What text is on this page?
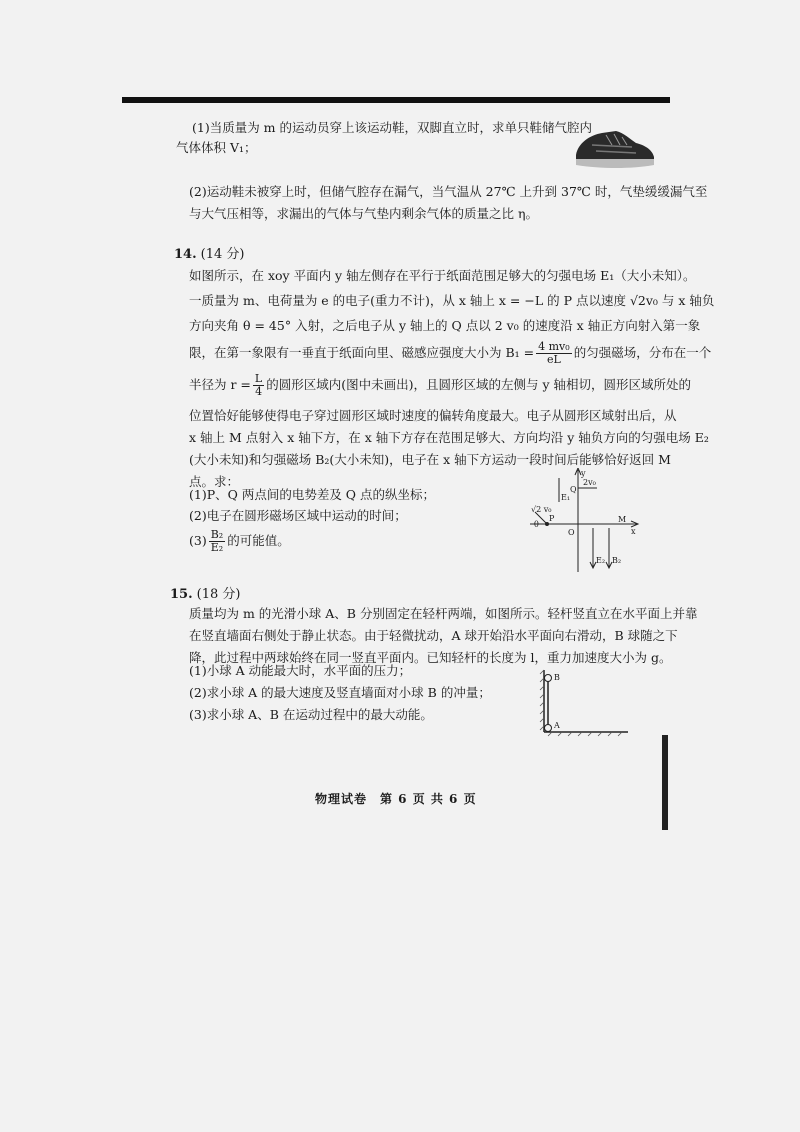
(1)当质量为 m 的运动员穿上该运动鞋，双脚直立时，求单只鞋储气腔内
气体体积 V₁；
(2)运动鞋未被穿上时，但储气腔存在漏气，当气温从 27℃ 上升到 37℃ 时，气垫缓缓漏气至
与大气压相等，求漏出的气体与气垫内剩余气体的质量之比 η。
14. (14 分)
如图所示，在 xoy 平面内 y 轴左侧存在平行于纸面范围足够大的匀强电场 E₁（大小未知）。
一质量为 m、电荷量为 e 的电子(重力不计)，从 x 轴上 x = −L 的 P 点以速度 √2v₀ 与 x 轴负
方向夹角 θ = 45° 入射，之后电子从 y 轴上的 Q 点以 2 v₀ 的速度沿 x 轴正方向射入第一象
限，在第一象限有一垂直于纸面向里、磁感应强度大小为 $B_1 = \frac{\text{4 mv₀}}{eL}$ 的匀强磁场，分布在一个
半径为 $r = \frac{L}{4}$ 的圆形区域内(图中未画出)，且圆形区域的左侧与 y 轴相切，圆形区域所处的
位置恰好能够使得电子穿过圆形区域时速度的偏转角度最大。电子从圆形区域射出后，从
x 轴上 M 点射入 x 轴下方，在 x 轴下方存在范围足够大、方向均沿 y 轴负方向的匀强电场 E₂
(大小未知)和匀强磁场 B₂(大小未知)，电子在 x 轴下方运动一段时间后能够恰好返回 M
点。求：
(1)P、Q 两点间的电势差及 Q 点的纵坐标；
(2)电子在圆形磁场区域中运动的时间；
$(3) \frac{\text{B₂}}{\text{E₂}}$ 的可能值。
y
Q
2v₀
E₁
√2 v₀
P
θ
O	x
M
E₂ B₂
15. (18 分)
质量均为 m 的光滑小球 A、B 分别固定在轻杆两端，如图所示。轻杆竖直立在水平面上并靠
在竖直墙面右侧处于静止状态。由于轻微扰动，A 球开始沿水平面向右滑动，B 球随之下
降，此过程中两球始终在同一竖直平面内。已知轻杆的长度为 l，重力加速度大小为 g。
(1)小球 A 动能最大时，水平面的压力；
(2)求小球 A 的最大速度及竖直墙面对小球 B 的冲量；
(3)求小球 A、B 在运动过程中的最大动能。
B
A
物理试卷　第 6 页 共 6 页
